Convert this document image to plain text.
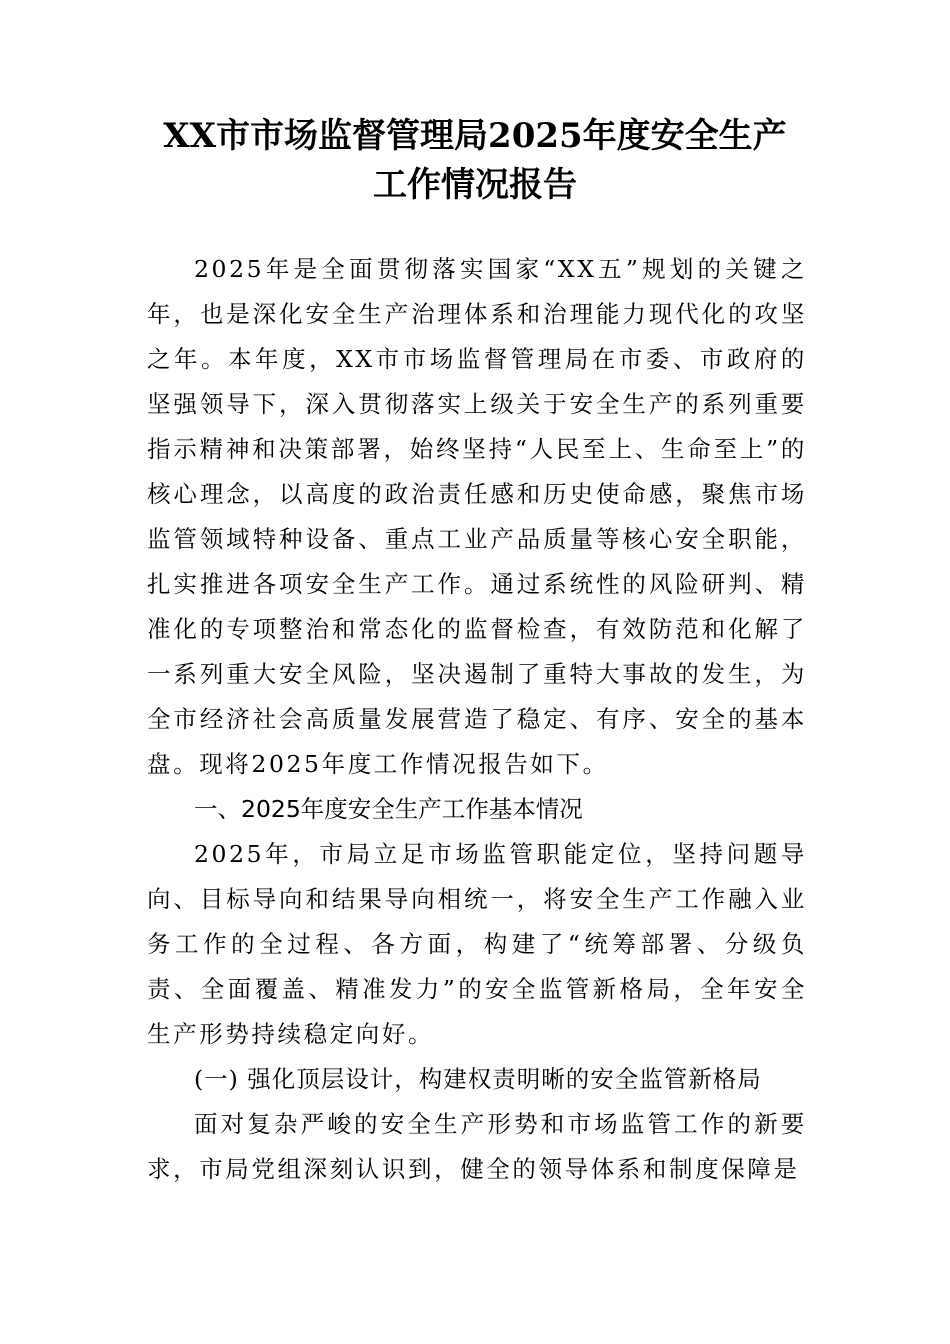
XX市市场监督管理局2025年度安全生产
工作情况报告

2025年是全面贯彻落实国家“XX五”规划的关键之年，也是深化安全生产治理体系和治理能力现代化的攻坚之年。本年度，XX市市场监督管理局在市委、市政府的坚强领导下，深入贯彻落实上级关于安全生产的系列重要指示精神和决策部署，始终坚持“人民至上、生命至上”的核心理念，以高度的政治责任感和历史使命感，聚焦市场监管领域特种设备、重点工业产品质量等核心安全职能，扎实推进各项安全生产工作。通过系统性的风险研判、精准化的专项整治和常态化的监督检查，有效防范和化解了一系列重大安全风险，坚决遏制了重特大事故的发生，为全市经济社会高质量发展营造了稳定、有序、安全的基本盘。现将2025年度工作情况报告如下。

一、2025年度安全生产工作基本情况

2025年，市局立足市场监管职能定位，坚持问题导向、目标导向和结果导向相统一，将安全生产工作融入业务工作的全过程、各方面，构建了“统筹部署、分级负责、全面覆盖、精准发力”的安全监管新格局，全年安全生产形势持续稳定向好。

(一) 强化顶层设计，构建权责明晰的安全监管新格局

面对复杂严峻的安全生产形势和市场监管工作的新要求，市局党组深刻认识到，健全的领导体系和制度保障是
